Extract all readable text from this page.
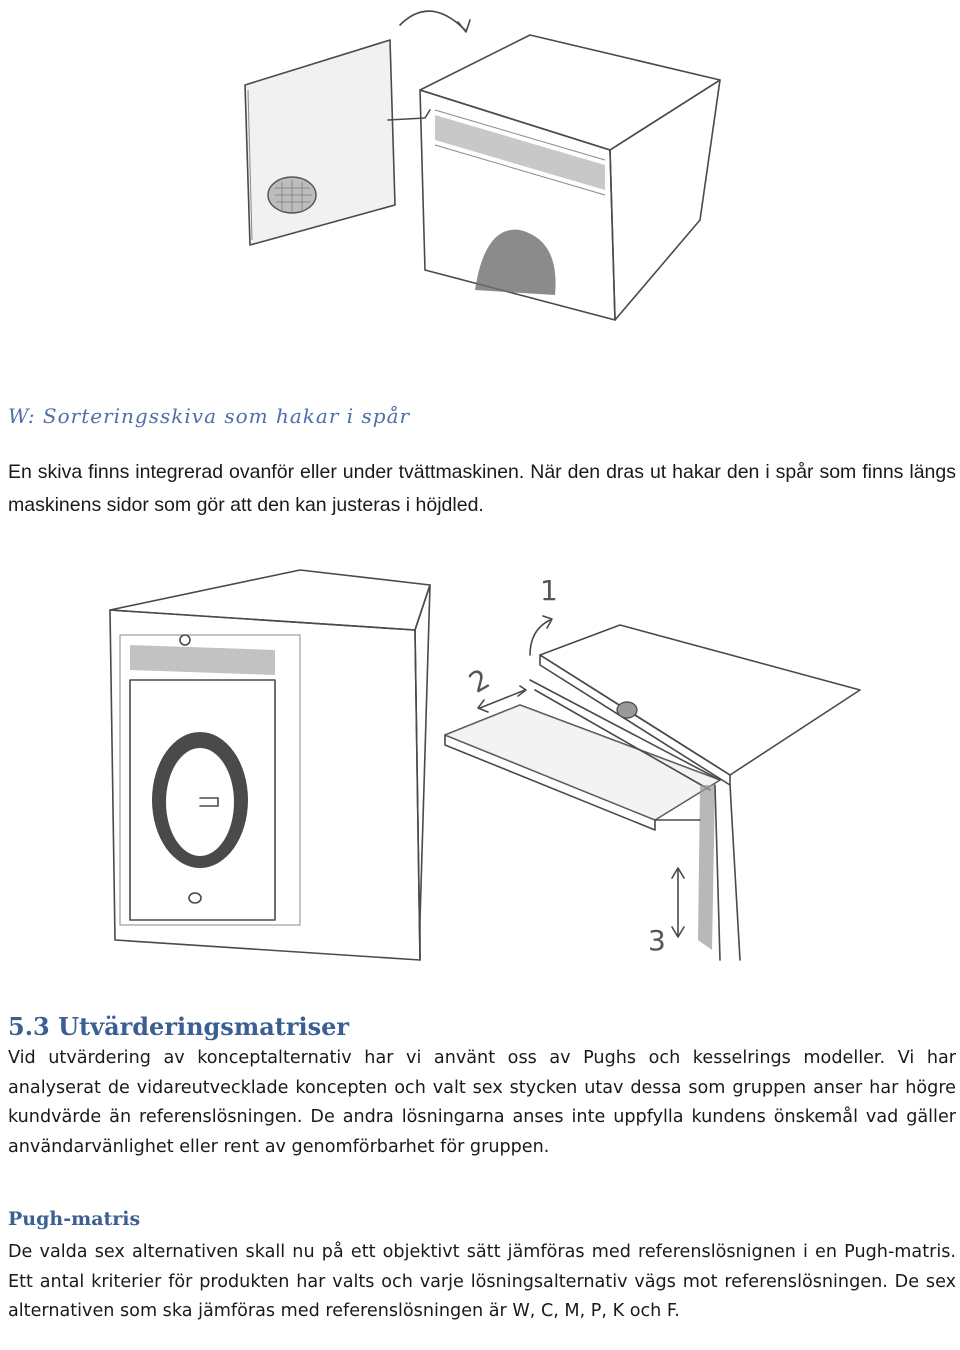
W: Sorteringsskiva som hakar i spår
En skiva finns integrerad ovanför eller under tvättmaskinen. När den dras ut hakar den i spår som finns längs maskinens sidor som gör att den kan justeras i höjdled.
1
2
3
5.3 Utvärderingsmatriser
Vid utvärdering av konceptalternativ har vi använt oss av Pughs och kesselrings modeller. Vi har analyserat de vidareutvecklade koncepten och valt sex stycken utav dessa som gruppen anser har högre kundvärde än referenslösningen. De andra lösningarna anses inte uppfylla kundens önskemål vad gäller användarvänlighet eller rent av genomförbarhet för gruppen.
Pugh-matris
De valda sex alternativen skall nu på ett objektivt sätt jämföras med referenslösnignen i en Pugh-matris. Ett antal kriterier för produkten har valts och varje lösningsalternativ vägs mot referenslösningen. De sex alternativen som ska jämföras med referenslösningen är W, C, M, P, K och F.
